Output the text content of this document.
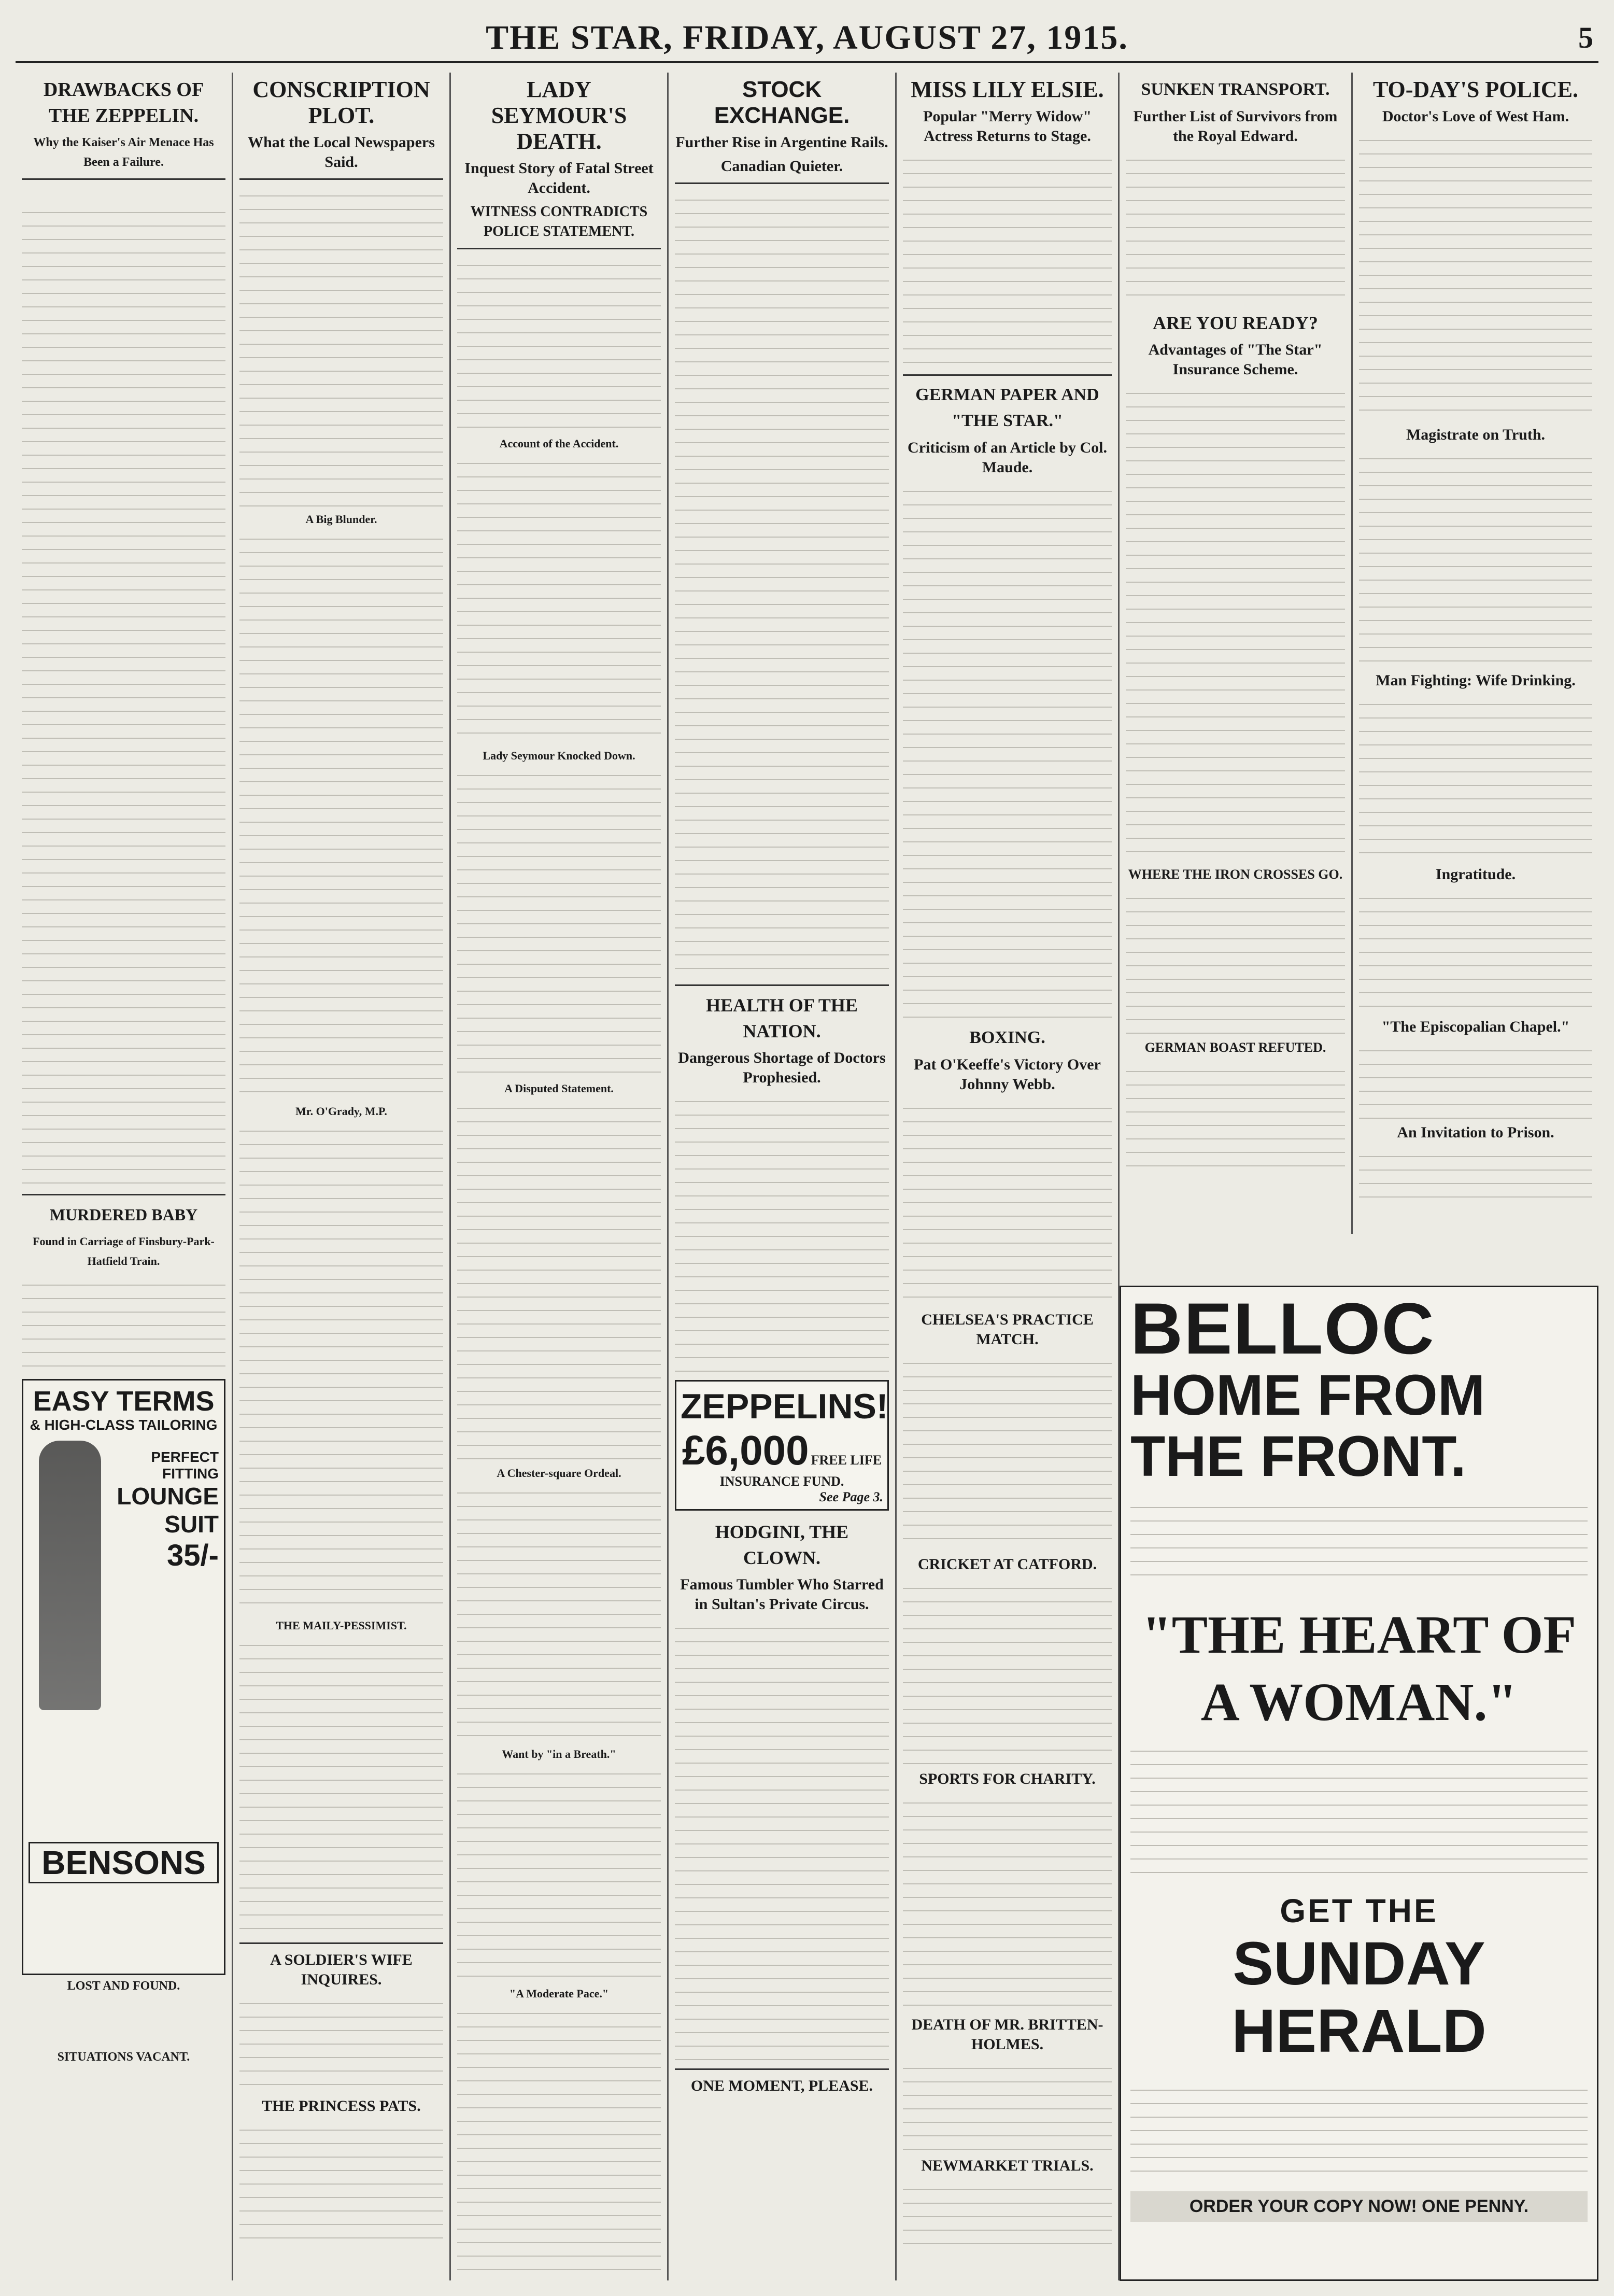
THE STAR, FRIDAY, AUGUST 27, 1915.	5
DRAWBACKS OF THE ZEPPELIN.
Why the Kaiser's Air Menace Has Been a Failure.

MURDERED BABY
Found in Carriage of Finsbury-Park-Hatfield Train.
EASY TERMS
& HIGH-CLASS TAILORING
PERFECT FITTING
LOUNGE SUIT
35/-
BENSONS
LOST AND FOUND.
SITUATIONS VACANT.
CONSCRIPTION PLOT.
What the Local Newspapers Said.
A Big Blunder.
Mr. O'Grady, M.P.
THE MAILY-PESSIMIST.
A SOLDIER'S WIFE INQUIRES.
THE PRINCESS PATS.
LADY SEYMOUR'S DEATH.
Inquest Story of Fatal Street Accident.
WITNESS CONTRADICTS POLICE STATEMENT.
Account of the Accident.
Lady Seymour Knocked Down.
A Disputed Statement.
A Chester-square Ordeal.
Want by "in a Breath."
"A Moderate Pace."
STOCK EXCHANGE.
Further Rise in Argentine Rails.
Canadian Quieter.
HEALTH OF THE NATION.
Dangerous Shortage of Doctors Prophesied.
ZEPPELINS!
£6,000 FREE LIFE INSURANCE FUND.
See Page 3.
HODGINI, THE CLOWN.
Famous Tumbler Who Starred in Sultan's Private Circus.
ONE MOMENT, PLEASE.
MISS LILY ELSIE.
Popular "Merry Widow" Actress Returns to Stage.
GERMAN PAPER AND "THE STAR."
Criticism of an Article by Col. Maude.
BOXING.
Pat O'Keeffe's Victory Over Johnny Webb.
CHELSEA'S PRACTICE MATCH.
CRICKET AT CATFORD.
SPORTS FOR CHARITY.
DEATH OF MR. BRITTEN-HOLMES.
NEWMARKET TRIALS.
SUNKEN TRANSPORT.
Further List of Survivors from the Royal Edward.
ARE YOU READY?
Advantages of "The Star" Insurance Scheme.
WHERE THE IRON CROSSES GO.
GERMAN BOAST REFUTED.
TO-DAY'S POLICE.
Doctor's Love of West Ham.
Magistrate on Truth.
Man Fighting: Wife Drinking.
Ingratitude.
"The Episcopalian Chapel."
An Invitation to Prison.
BELLOC
HOME FROM
THE FRONT.
"THE HEART OF
A WOMAN."
GET THE
SUNDAY HERALD
ORDER YOUR COPY NOW! ONE PENNY.
